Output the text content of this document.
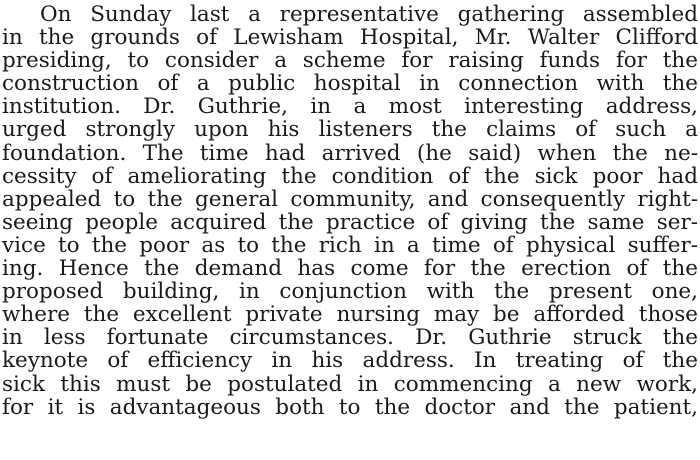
On Sunday last a representative gathering assembled
in the grounds of Lewisham Hospital, Mr. Walter Clifford
presiding, to consider a scheme for raising funds for the
construction of a public hospital in connection with the
institution. Dr. Guthrie, in a most interesting address,
urged strongly upon his listeners the claims of such a
foundation. The time had arrived (he said) when the ne-
cessity of ameliorating the condition of the sick poor had
appealed to the general community, and consequently right-
seeing people acquired the practice of giving the same ser-
vice to the poor as to the rich in a time of physical suffer-
ing. Hence the demand has come for the erection of the
proposed building, in conjunction with the present one,
where the excellent private nursing may be afforded those
in less fortunate circumstances. Dr. Guthrie struck the
keynote of efficiency in his address. In treating of the
sick this must be postulated in commencing a new work,
for it is advantageous both to the doctor and the patient,
